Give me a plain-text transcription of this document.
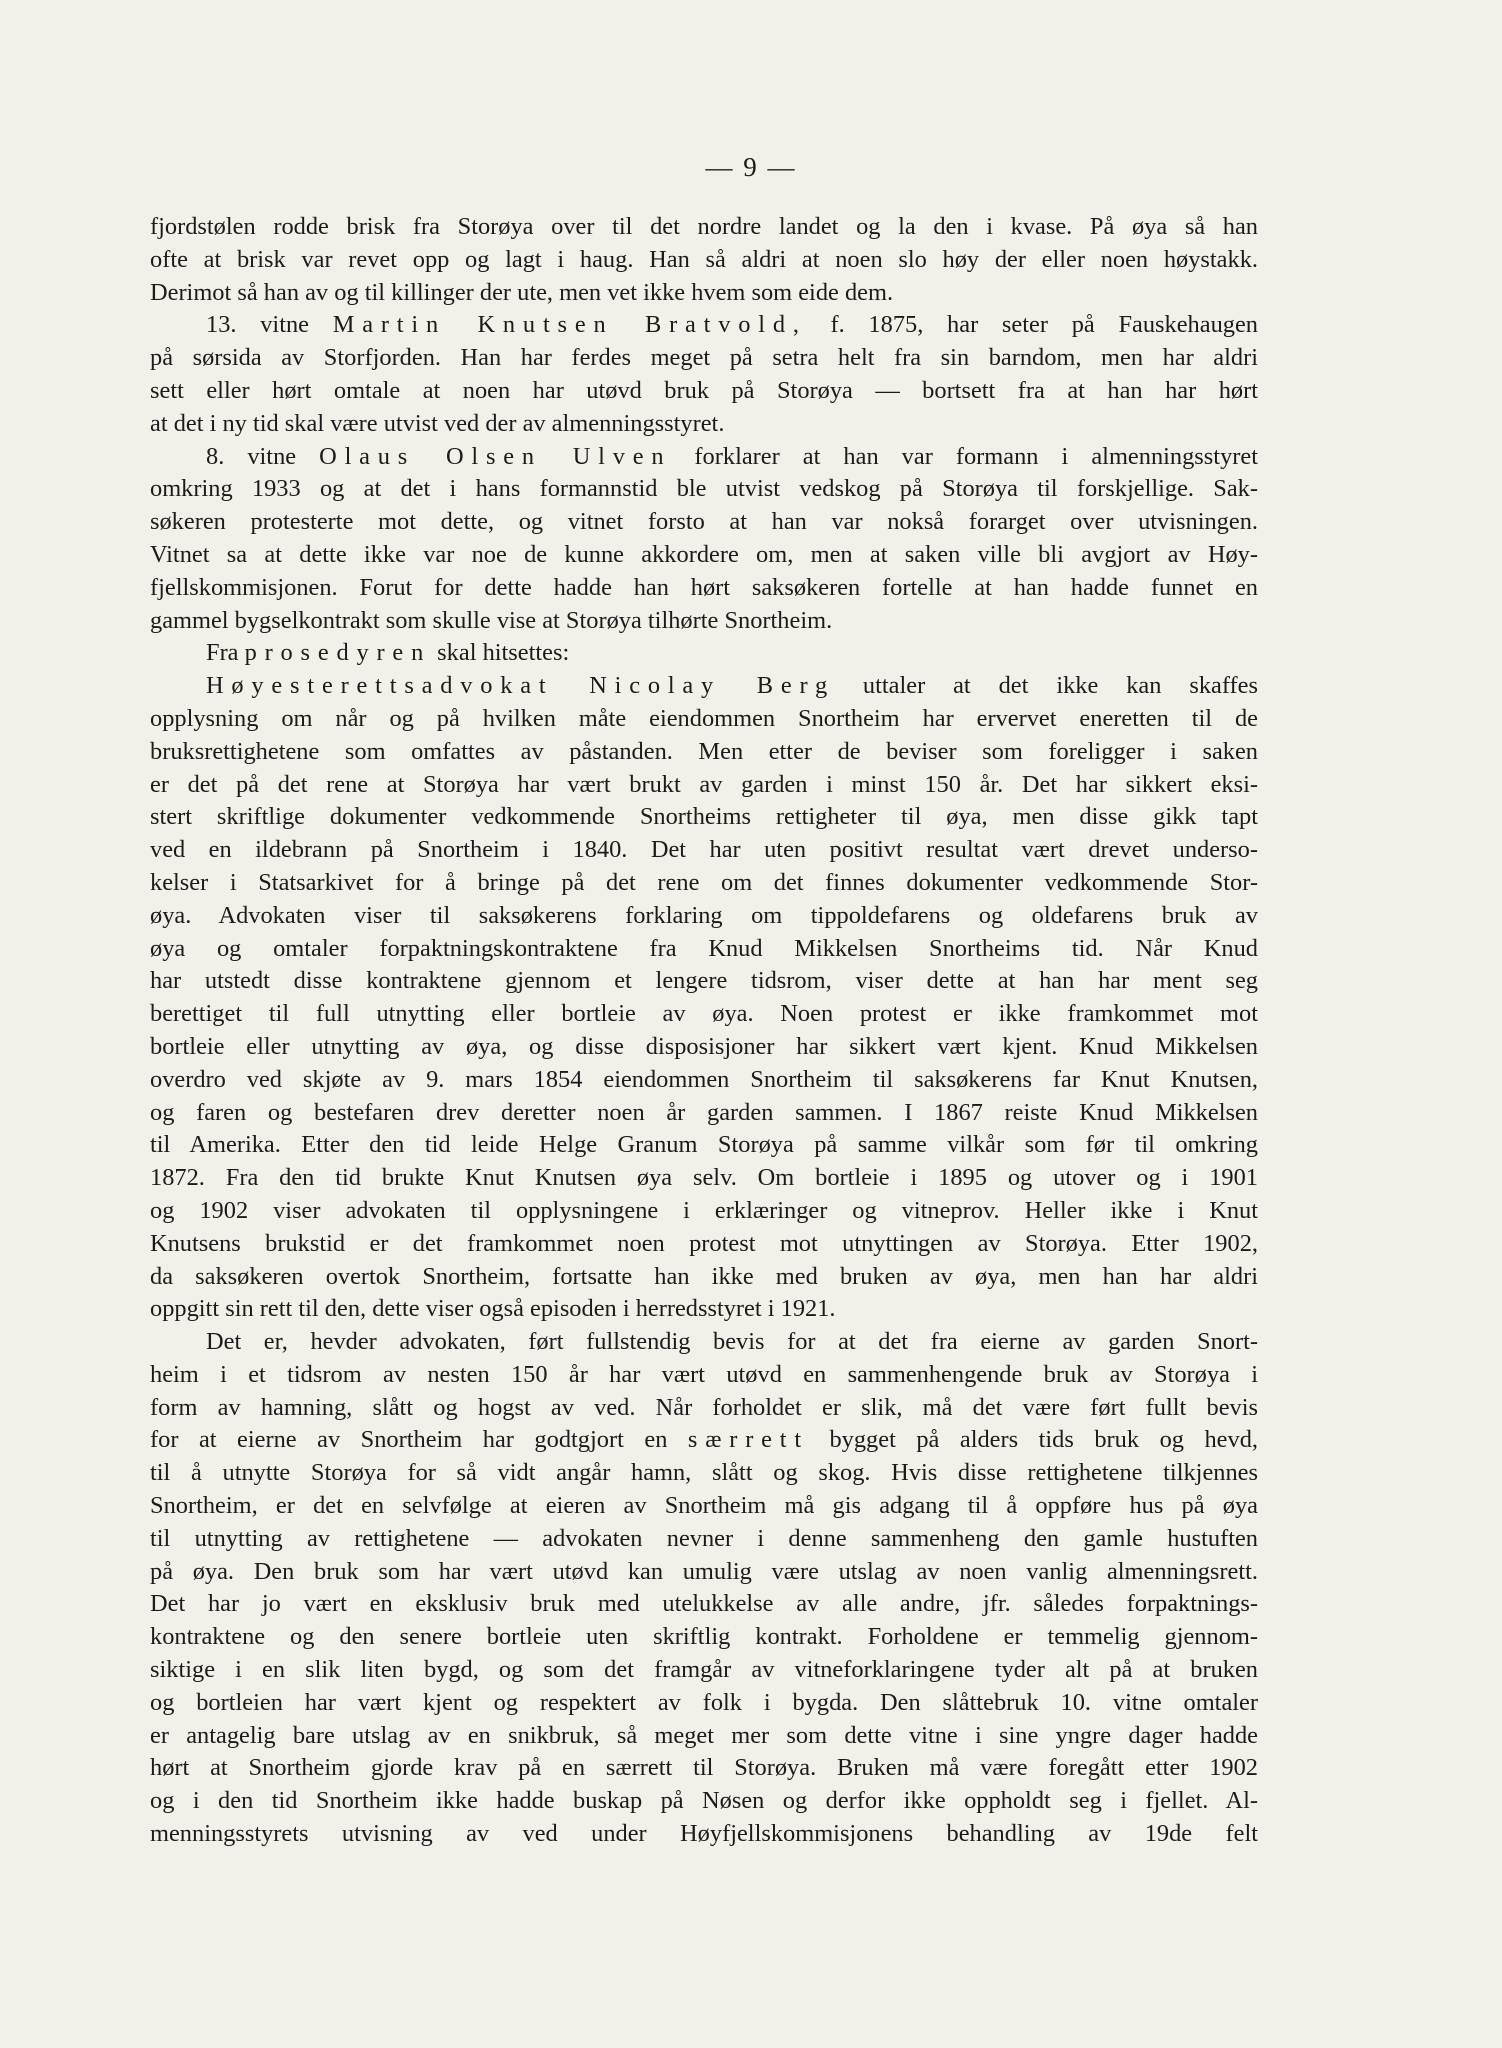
— 9 —
fjordstølen rodde brisk fra Storøya over til det nordre landet og la den i kvase. På øya så han
ofte at brisk var revet opp og lagt i haug. Han så aldri at noen slo høy der eller noen høystakk.
Derimot så han av og til killinger der ute, men vet ikke hvem som eide dem.
13. vitne Martin Knutsen Bratvold, f. 1875, har seter på Fauskehaugen
på sørsida av Storfjorden. Han har ferdes meget på setra helt fra sin barndom, men har aldri
sett eller hørt omtale at noen har utøvd bruk på Storøya — bortsett fra at han har hørt
at det i ny tid skal være utvist ved der av almenningsstyret.
8. vitne Olaus Olsen Ulven forklarer at han var formann i almenningsstyret
omkring 1933 og at det i hans formannstid ble utvist vedskog på Storøya til forskjellige. Sak-
søkeren protesterte mot dette, og vitnet forsto at han var nokså forarget over utvisningen.
Vitnet sa at dette ikke var noe de kunne akkordere om, men at saken ville bli avgjort av Høy-
fjellskommisjonen. Forut for dette hadde han hørt saksøkeren fortelle at han hadde funnet en
gammel bygselkontrakt som skulle vise at Storøya tilhørte Snortheim.
Fra prosedyren skal hitsettes:
Høyesterettsadvokat Nicolay Berg uttaler at det ikke kan skaffes
opplysning om når og på hvilken måte eiendommen Snortheim har ervervet eneretten til de
bruksrettighetene som omfattes av påstanden. Men etter de beviser som foreligger i saken
er det på det rene at Storøya har vært brukt av garden i minst 150 år. Det har sikkert eksi-
stert skriftlige dokumenter vedkommende Snortheims rettigheter til øya, men disse gikk tapt
ved en ildebrann på Snortheim i 1840. Det har uten positivt resultat vært drevet underso-
kelser i Statsarkivet for å bringe på det rene om det finnes dokumenter vedkommende Stor-
øya. Advokaten viser til saksøkerens forklaring om tippoldefarens og oldefarens bruk av
øya og omtaler forpaktningskontraktene fra Knud Mikkelsen Snortheims tid. Når Knud
har utstedt disse kontraktene gjennom et lengere tidsrom, viser dette at han har ment seg
berettiget til full utnytting eller bortleie av øya. Noen protest er ikke framkommet mot
bortleie eller utnytting av øya, og disse disposisjoner har sikkert vært kjent. Knud Mikkelsen
overdro ved skjøte av 9. mars 1854 eiendommen Snortheim til saksøkerens far Knut Knutsen,
og faren og bestefaren drev deretter noen år garden sammen. I 1867 reiste Knud Mikkelsen
til Amerika. Etter den tid leide Helge Granum Storøya på samme vilkår som før til omkring
1872. Fra den tid brukte Knut Knutsen øya selv. Om bortleie i 1895 og utover og i 1901
og 1902 viser advokaten til opplysningene i erklæringer og vitneprov. Heller ikke i Knut
Knutsens brukstid er det framkommet noen protest mot utnyttingen av Storøya. Etter 1902,
da saksøkeren overtok Snortheim, fortsatte han ikke med bruken av øya, men han har aldri
oppgitt sin rett til den, dette viser også episoden i herredsstyret i 1921.
Det er, hevder advokaten, ført fullstendig bevis for at det fra eierne av garden Snort-
heim i et tidsrom av nesten 150 år har vært utøvd en sammenhengende bruk av Storøya i
form av hamning, slått og hogst av ved. Når forholdet er slik, må det være ført fullt bevis
for at eierne av Snortheim har godtgjort en særrett bygget på alders tids bruk og hevd,
til å utnytte Storøya for så vidt angår hamn, slått og skog. Hvis disse rettighetene tilkjennes
Snortheim, er det en selvfølge at eieren av Snortheim må gis adgang til å oppføre hus på øya
til utnytting av rettighetene — advokaten nevner i denne sammenheng den gamle hustuften
på øya. Den bruk som har vært utøvd kan umulig være utslag av noen vanlig almenningsrett.
Det har jo vært en eksklusiv bruk med utelukkelse av alle andre, jfr. således forpaktnings-
kontraktene og den senere bortleie uten skriftlig kontrakt. Forholdene er temmelig gjennom-
siktige i en slik liten bygd, og som det framgår av vitneforklaringene tyder alt på at bruken
og bortleien har vært kjent og respektert av folk i bygda. Den slåttebruk 10. vitne omtaler
er antagelig bare utslag av en snikbruk, så meget mer som dette vitne i sine yngre dager hadde
hørt at Snortheim gjorde krav på en særrett til Storøya. Bruken må være foregått etter 1902
og i den tid Snortheim ikke hadde buskap på Nøsen og derfor ikke oppholdt seg i fjellet. Al-
menningsstyrets utvisning av ved under Høyfjellskommisjonens behandling av 19de felt
